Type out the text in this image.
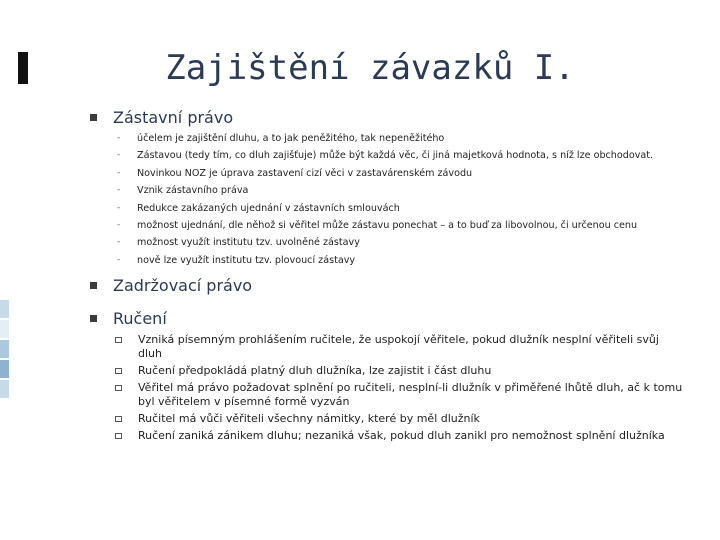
Zajištění závazků I.
Zástavní právo
-	účelem je zajištění dluhu, a to jak peněžitého, tak nepeněžitého
-	Zástavou (tedy tím, co dluh zajišťuje) může být každá věc, či jiná majetková hodnota, s níž lze obchodovat.
-	Novinkou NOZ je úprava zastavení cizí věci v zastavárenském závodu
-	Vznik zástavního práva
-	Redukce zakázaných ujednání v zástavních smlouvách
-	možnost ujednání, dle něhož si věřitel může zástavu ponechat – a to buď za libovolnou, či určenou cenu
-	možnost využít institutu tzv. uvolněné zástavy
-	nově lze využít institutu tzv. plovoucí zástavy
Zadržovací právo
Ručení
Vzniká písemným prohlášením ručitele, že uspokojí věřitele, pokud dlužník nesplní věřiteli svůj dluh
Ručení předpokládá platný dluh dlužníka, lze zajistit i část dluhu
Věřitel má právo požadovat splnění po ručiteli, nesplní-li dlužník v přiměřené lhůtě dluh, ač k tomu byl věřitelem v písemné formě vyzván
Ručitel má vůči věřiteli všechny námitky, které by měl dlužník
Ručení zaniká zánikem dluhu; nezaniká však, pokud dluh zanikl pro nemožnost splnění dlužníka
